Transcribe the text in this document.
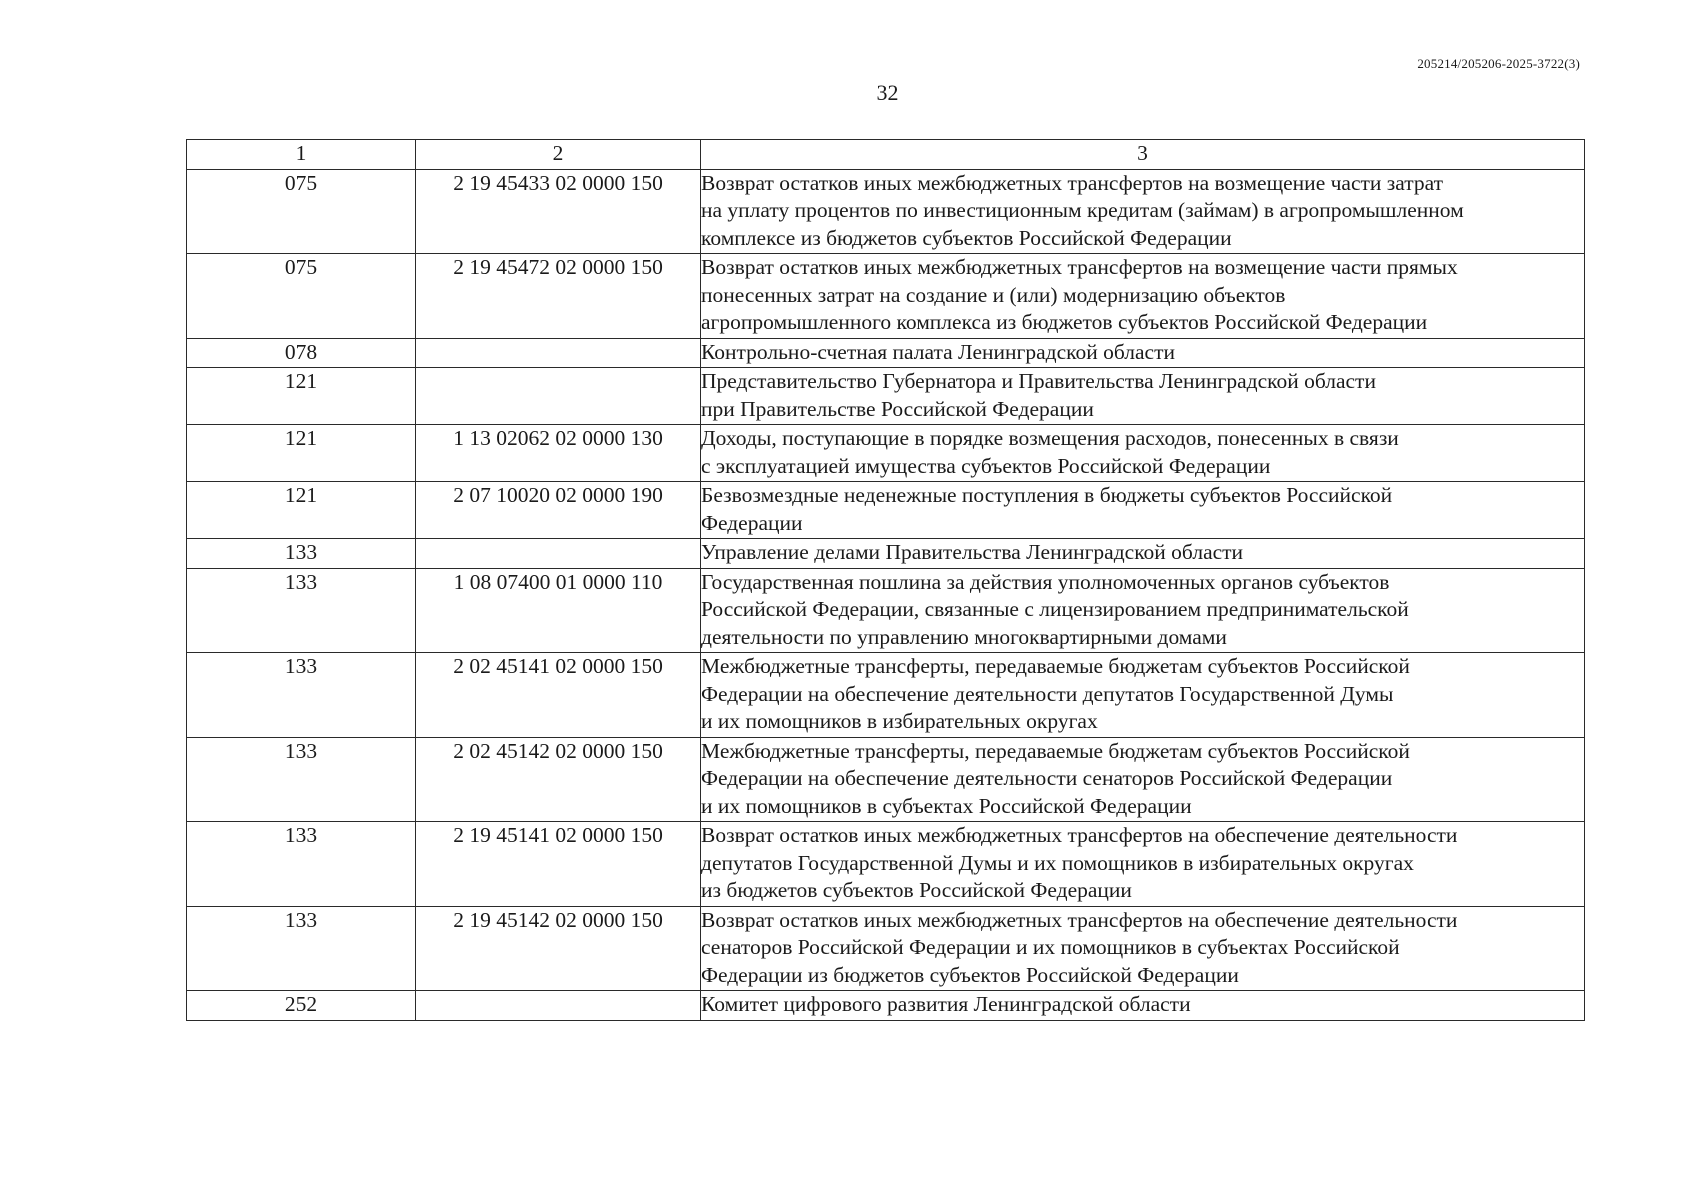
205214/205206-2025-3722(3)
32
1	2	3
075	2 19 45433 02 0000 150	Возврат остатков иных межбюджетных трансфертов на возмещение части затрат
на уплату процентов по инвестиционным кредитам (займам) в агропромышленном
комплексе из бюджетов субъектов Российской Федерации
075	2 19 45472 02 0000 150	Возврат остатков иных межбюджетных трансфертов на возмещение части прямых
понесенных затрат на создание и (или) модернизацию объектов
агропромышленного комплекса из бюджетов субъектов Российской Федерации
078		Контрольно-счетная палата Ленинградской области
121		Представительство Губернатора и Правительства Ленинградской области
при Правительстве Российской Федерации
121	1 13 02062 02 0000 130	Доходы, поступающие в порядке возмещения расходов, понесенных в связи
с эксплуатацией имущества субъектов Российской Федерации
121	2 07 10020 02 0000 190	Безвозмездные неденежные поступления в бюджеты субъектов Российской
Федерации
133		Управление делами Правительства Ленинградской области
133	1 08 07400 01 0000 110	Государственная пошлина за действия уполномоченных органов субъектов
Российской Федерации, связанные с лицензированием предпринимательской
деятельности по управлению многоквартирными домами
133	2 02 45141 02 0000 150	Межбюджетные трансферты, передаваемые бюджетам субъектов Российской
Федерации на обеспечение деятельности депутатов Государственной Думы
и их помощников в избирательных округах
133	2 02 45142 02 0000 150	Межбюджетные трансферты, передаваемые бюджетам субъектов Российской
Федерации на обеспечение деятельности сенаторов Российской Федерации
и их помощников в субъектах Российской Федерации
133	2 19 45141 02 0000 150	Возврат остатков иных межбюджетных трансфертов на обеспечение деятельности
депутатов Государственной Думы и их помощников в избирательных округах
из бюджетов субъектов Российской Федерации
133	2 19 45142 02 0000 150	Возврат остатков иных межбюджетных трансфертов на обеспечение деятельности
сенаторов Российской Федерации и их помощников в субъектах Российской
Федерации из бюджетов субъектов Российской Федерации
252		Комитет цифрового развития Ленинградской области
